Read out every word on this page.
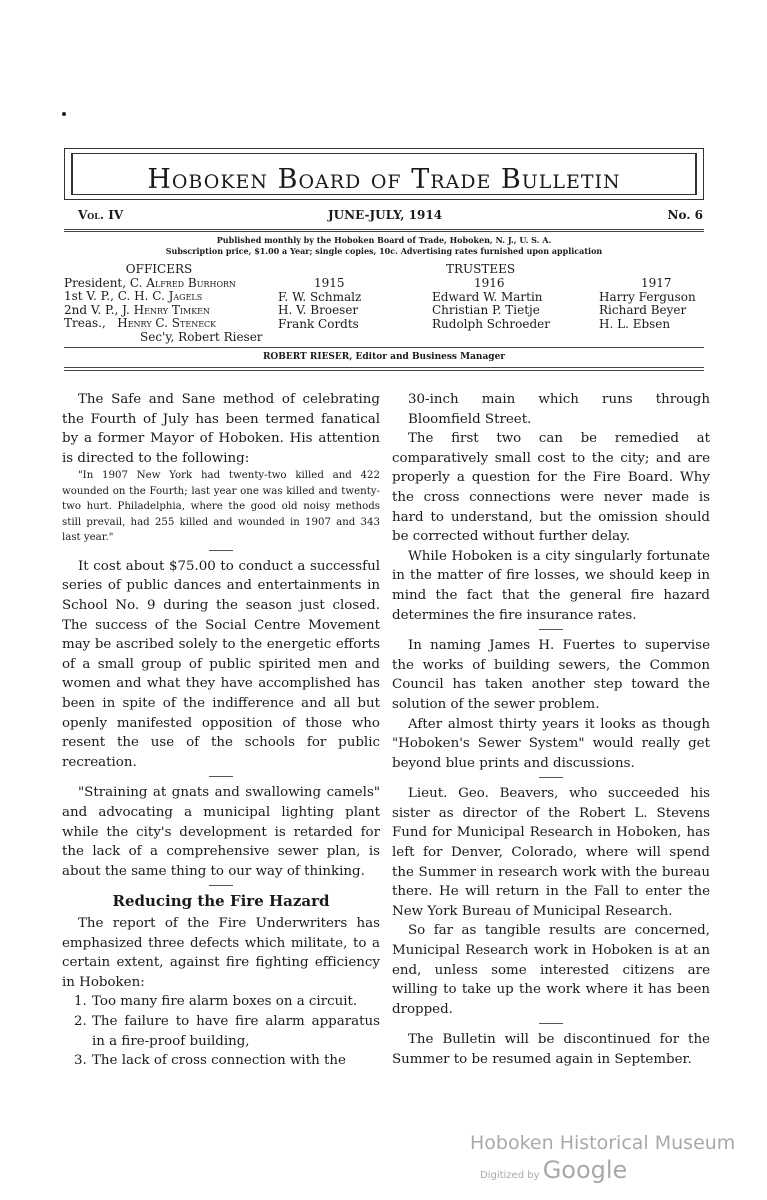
Hoboken Board of Trade Bulletin
Vol. IV	JUNE-JULY, 1914	No. 6
Published monthly by the Hoboken Board of Trade, Hoboken, N. J., U. S. A.
Subscription price, $1.00 a Year; single copies, 10c. Advertising rates furnished upon application
OFFICERS
President, C. Alfred Burhorn
1st V. P., C. H. C. Jagels
2nd V. P., J. Henry Timken
Treas., Henry C. Steneck
Sec'y, Robert Rieser
TRUSTEES
1915
F. W. Schmalz
H. V. Broeser
Frank Cordts
1916
Edward W. Martin
Christian P. Tietje
Rudolph Schroeder
1917
Harry Ferguson
Richard Beyer
H. L. Ebsen
ROBERT RIESER, Editor and Business Manager

The Safe and Sane method of celebrating the Fourth of July has been termed fanatical by a former Mayor of Hoboken. His attention is directed to the following:

"In 1907 New York had twenty-two killed and 422 wounded on the Fourth; last year one was killed and twenty-two hurt. Philadelphia, where the good old noisy methods still prevail, had 255 killed and wounded in 1907 and 343 last year."

It cost about $75.00 to conduct a successful series of public dances and entertainments in School No. 9 during the season just closed. The success of the Social Centre Movement may be ascribed solely to the energetic efforts of a small group of public spirited men and women and what they have accomplished has been in spite of the indifference and all but openly manifested opposition of those who resent the use of the schools for public recreation.

"Straining at gnats and swallowing camels" and advocating a municipal lighting plant while the city's development is retarded for the lack of a comprehensive sewer plan, is about the same thing to our way of thinking.

Reducing the Fire Hazard

The report of the Fire Underwriters has emphasized three defects which militate, to a certain extent, against fire fighting efficiency in Hoboken:

1. Too many fire alarm boxes on a circuit.
2. The failure to have fire alarm apparatus in a fire-proof building,
3. The lack of cross connection with the

30-inch main which runs through Bloomfield Street.

The first two can be remedied at comparatively small cost to the city; and are properly a question for the Fire Board. Why the cross connections were never made is hard to understand, but the omission should be corrected without further delay.

While Hoboken is a city singularly fortunate in the matter of fire losses, we should keep in mind the fact that the general fire hazard determines the fire insurance rates.

In naming James H. Fuertes to supervise the works of building sewers, the Common Council has taken another step toward the solution of the sewer problem.

After almost thirty years it looks as though "Hoboken's Sewer System" would really get beyond blue prints and discussions.

Lieut. Geo. Beavers, who succeeded his sister as director of the Robert L. Stevens Fund for Municipal Research in Hoboken, has left for Denver, Colorado, where will spend the Summer in research work with the bureau there. He will return in the Fall to enter the New York Bureau of Municipal Research.

So far as tangible results are concerned, Municipal Research work in Hoboken is at an end, unless some interested citizens are willing to take up the work where it has been dropped.

The Bulletin will be discontinued for the Summer to be resumed again in September.

Hoboken Historical Museum
Digitized by Google
